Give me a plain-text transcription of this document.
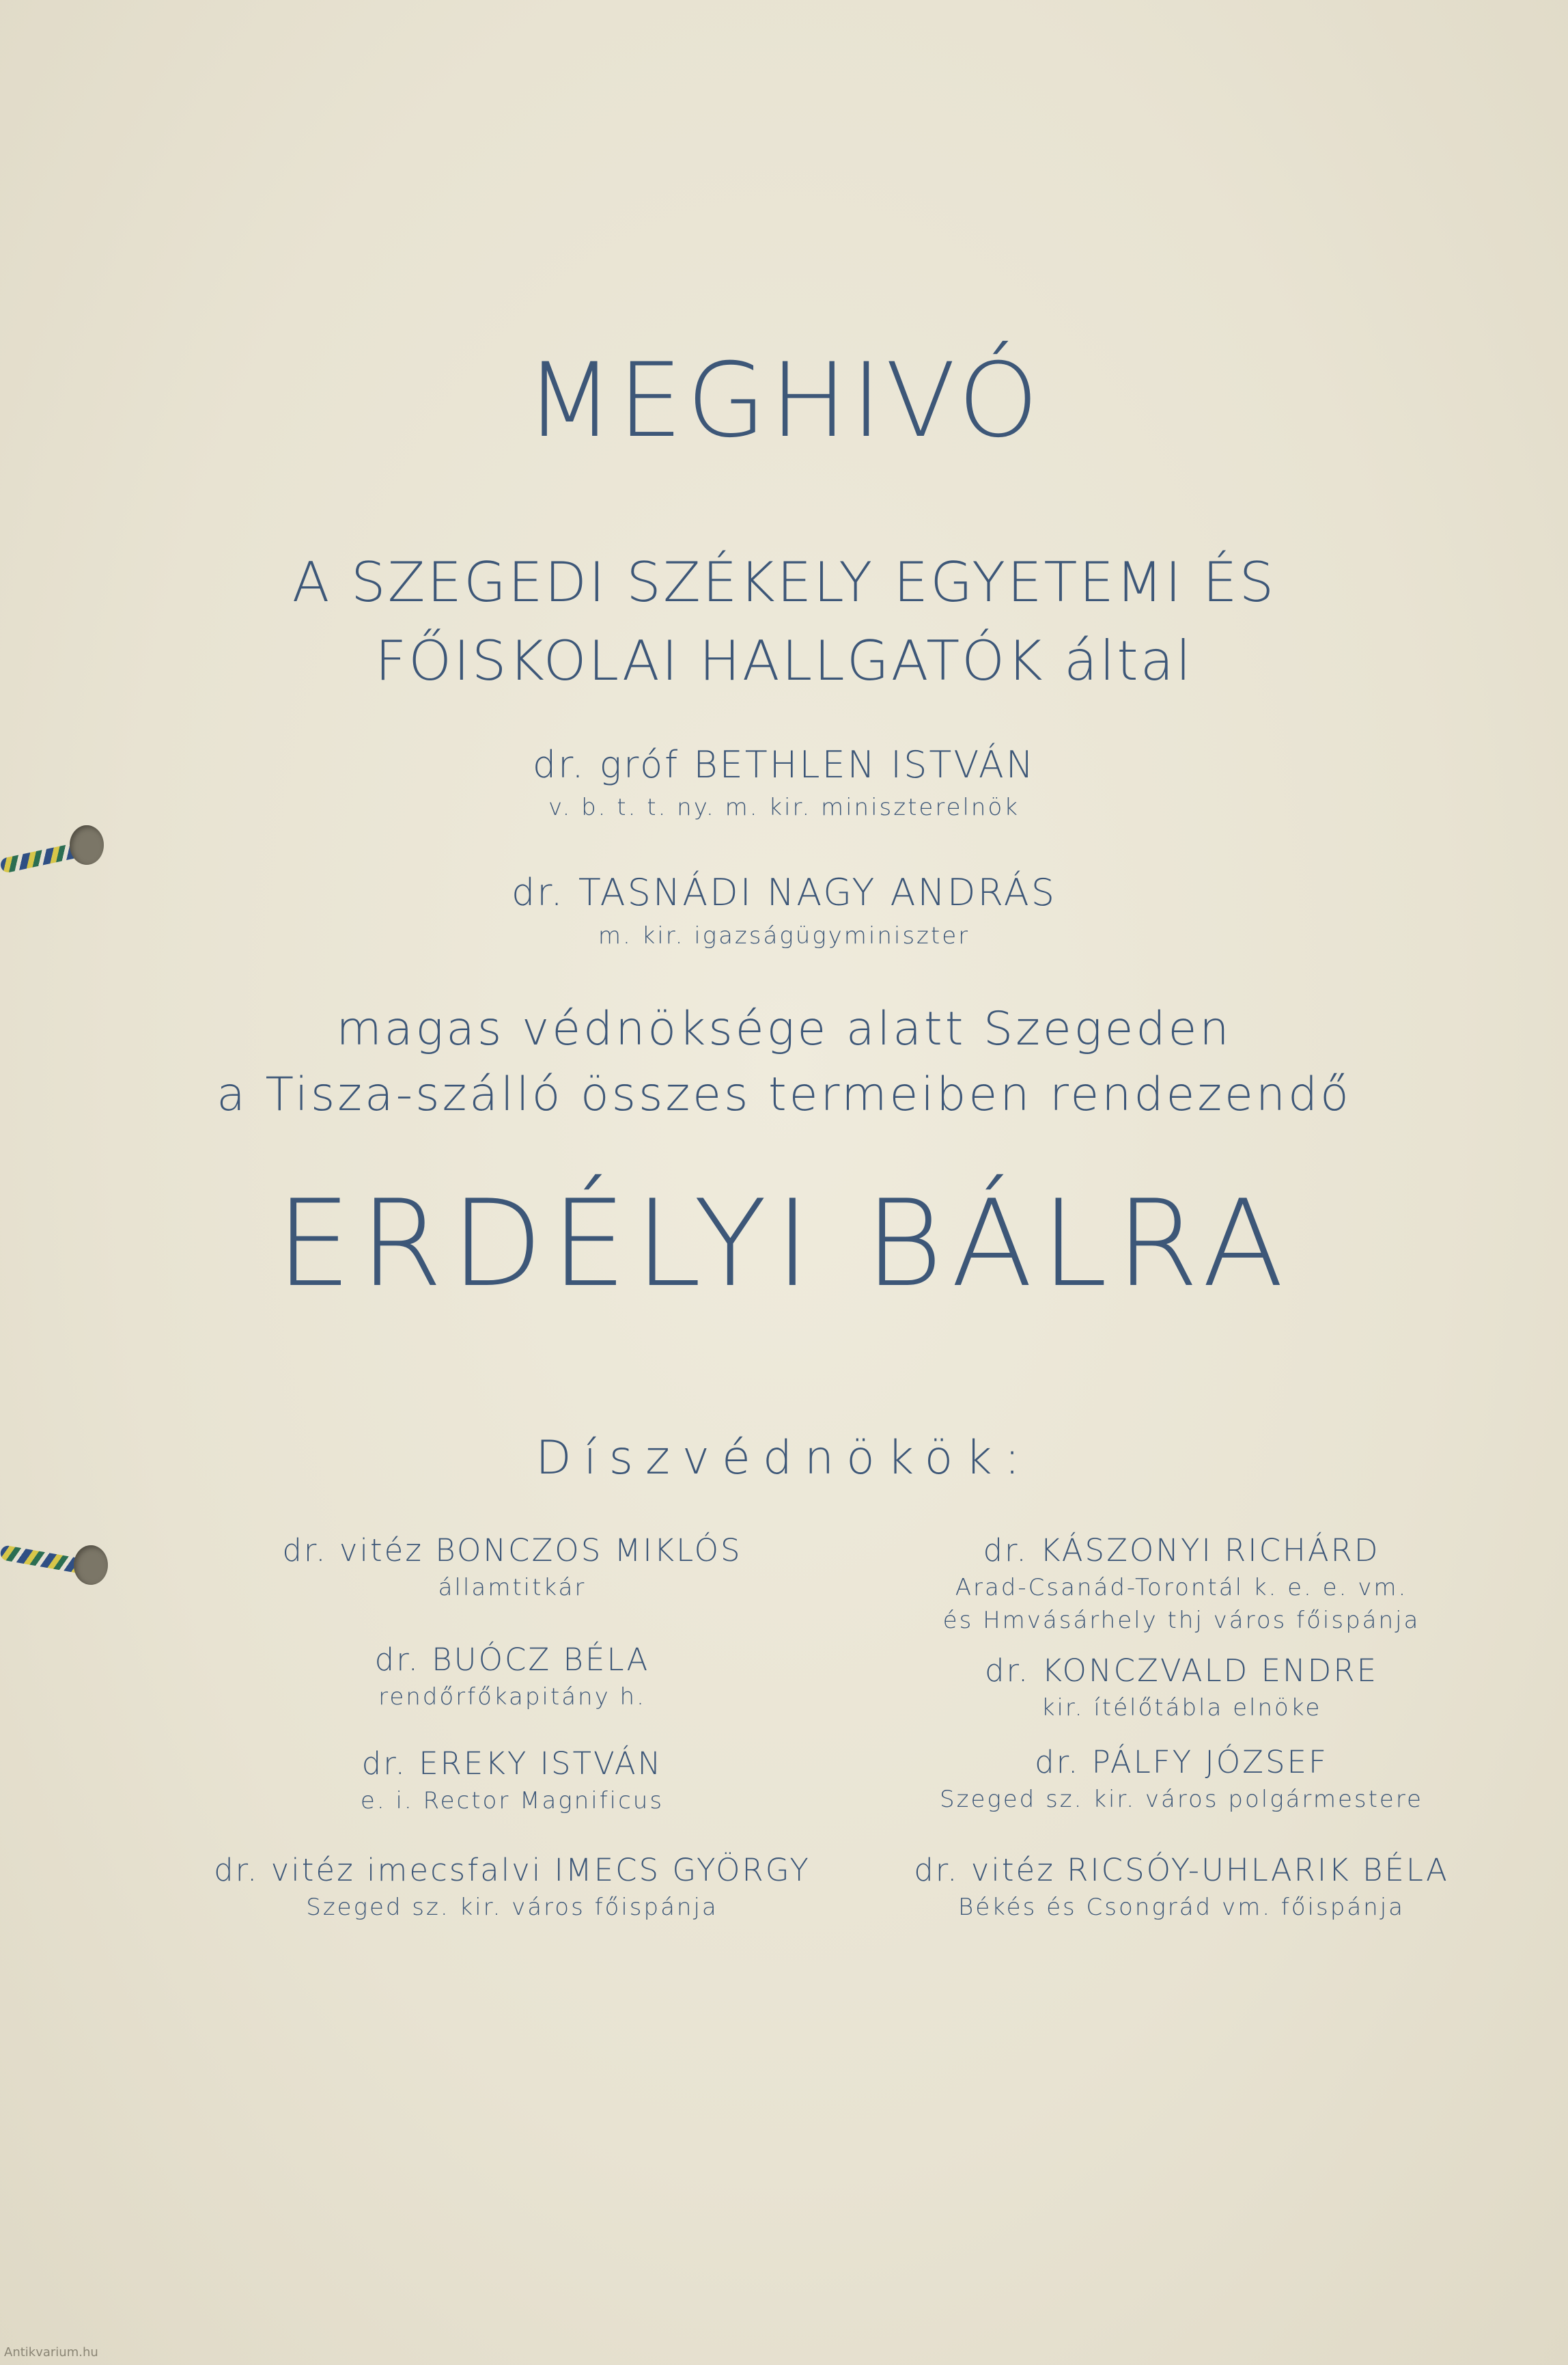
MEGHIVÓ
A SZEGEDI SZÉKELY EGYETEMI ÉS
FŐISKOLAI HALLGATÓK által
dr. gróf BETHLEN ISTVÁN
v. b. t. t. ny. m. kir. miniszterelnök
dr. TASNÁDI NAGY ANDRÁS
m. kir. igazságügyminiszter
magas védnöksége alatt Szegeden
a Tisza-szálló összes termeiben rendezendő
ERDÉLYI BÁLRA
Díszvédnökök:

dr. vitéz BONCZOS MIKLÓS

államtitkár

dr. BUÓCZ BÉLA

rendőrfőkapitány h.

dr. EREKY ISTVÁN

e. i. Rector Magnificus

dr. vitéz imecsfalvi IMECS GYÖRGY

Szeged sz. kir. város főispánja

dr. KÁSZONYI RICHÁRD

Arad-Csanád-Torontál k. e. e. vm.

és Hmvásárhely thj város főispánja

dr. KONCZVALD ENDRE

kir. ítélőtábla elnöke

dr. PÁLFY JÓZSEF

Szeged sz. kir. város polgármestere

dr. vitéz RICSÓY-UHLARIK BÉLA

Békés és Csongrád vm. főispánja

Antikvarium.hu
